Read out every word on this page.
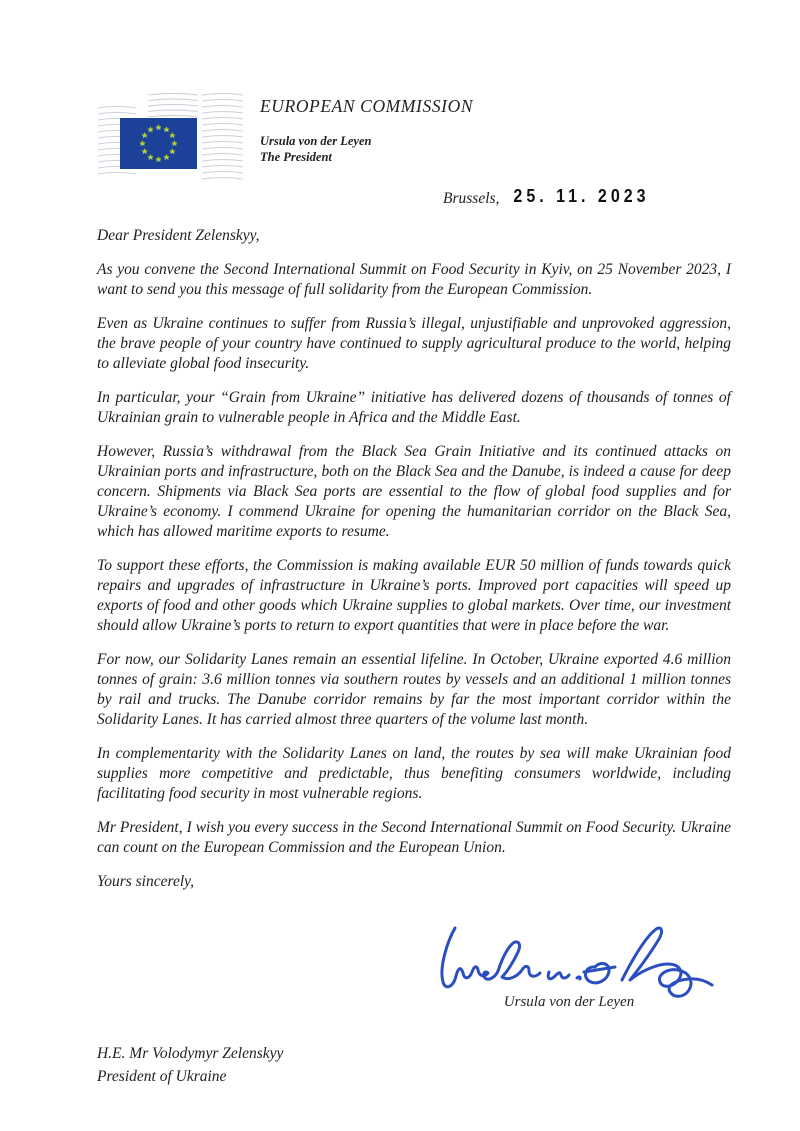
EUROPEAN COMMISSION
Ursula von der Leyen
The President
Brussels, 25. 11. 2023

Dear President Zelenskyy,

As you convene the Second International Summit on Food Security in Kyiv, on 25 November 2023, I want to send you this message of full solidarity from the European Commission.

Even as Ukraine continues to suffer from Russia’s illegal, unjustifiable and unprovoked aggression, the brave people of your country have continued to supply agricultural produce to the world, helping to alleviate global food insecurity.

In particular, your “Grain from Ukraine” initiative has delivered dozens of thousands of tonnes of Ukrainian grain to vulnerable people in Africa and the Middle East.

However, Russia’s withdrawal from the Black Sea Grain Initiative and its continued attacks on Ukrainian ports and infrastructure, both on the Black Sea and the Danube, is indeed a cause for deep concern. Shipments via Black Sea ports are essential to the flow of global food supplies and for Ukraine’s economy. I commend Ukraine for opening the humanitarian corridor on the Black Sea, which has allowed maritime exports to resume.

To support these efforts, the Commission is making available EUR 50 million of funds towards quick repairs and upgrades of infrastructure in Ukraine’s ports. Improved port capacities will speed up exports of food and other goods which Ukraine supplies to global markets. Over time, our investment should allow Ukraine’s ports to return to export quantities that were in place before the war.

For now, our Solidarity Lanes remain an essential lifeline. In October, Ukraine exported 4.6 million tonnes of grain: 3.6 million tonnes via southern routes by vessels and an additional 1 million tonnes by rail and trucks. The Danube corridor remains by far the most important corridor within the Solidarity Lanes. It has carried almost three quarters of the volume last month.

In complementarity with the Solidarity Lanes on land, the routes by sea will make Ukrainian food supplies more competitive and predictable, thus benefiting consumers worldwide, including facilitating food security in most vulnerable regions.

Mr President, I wish you every success in the Second International Summit on Food Security. Ukraine can count on the European Commission and the European Union.

Yours sincerely,

Ursula von der Leyen
H.E. Mr Volodymyr Zelenskyy
President of Ukraine
